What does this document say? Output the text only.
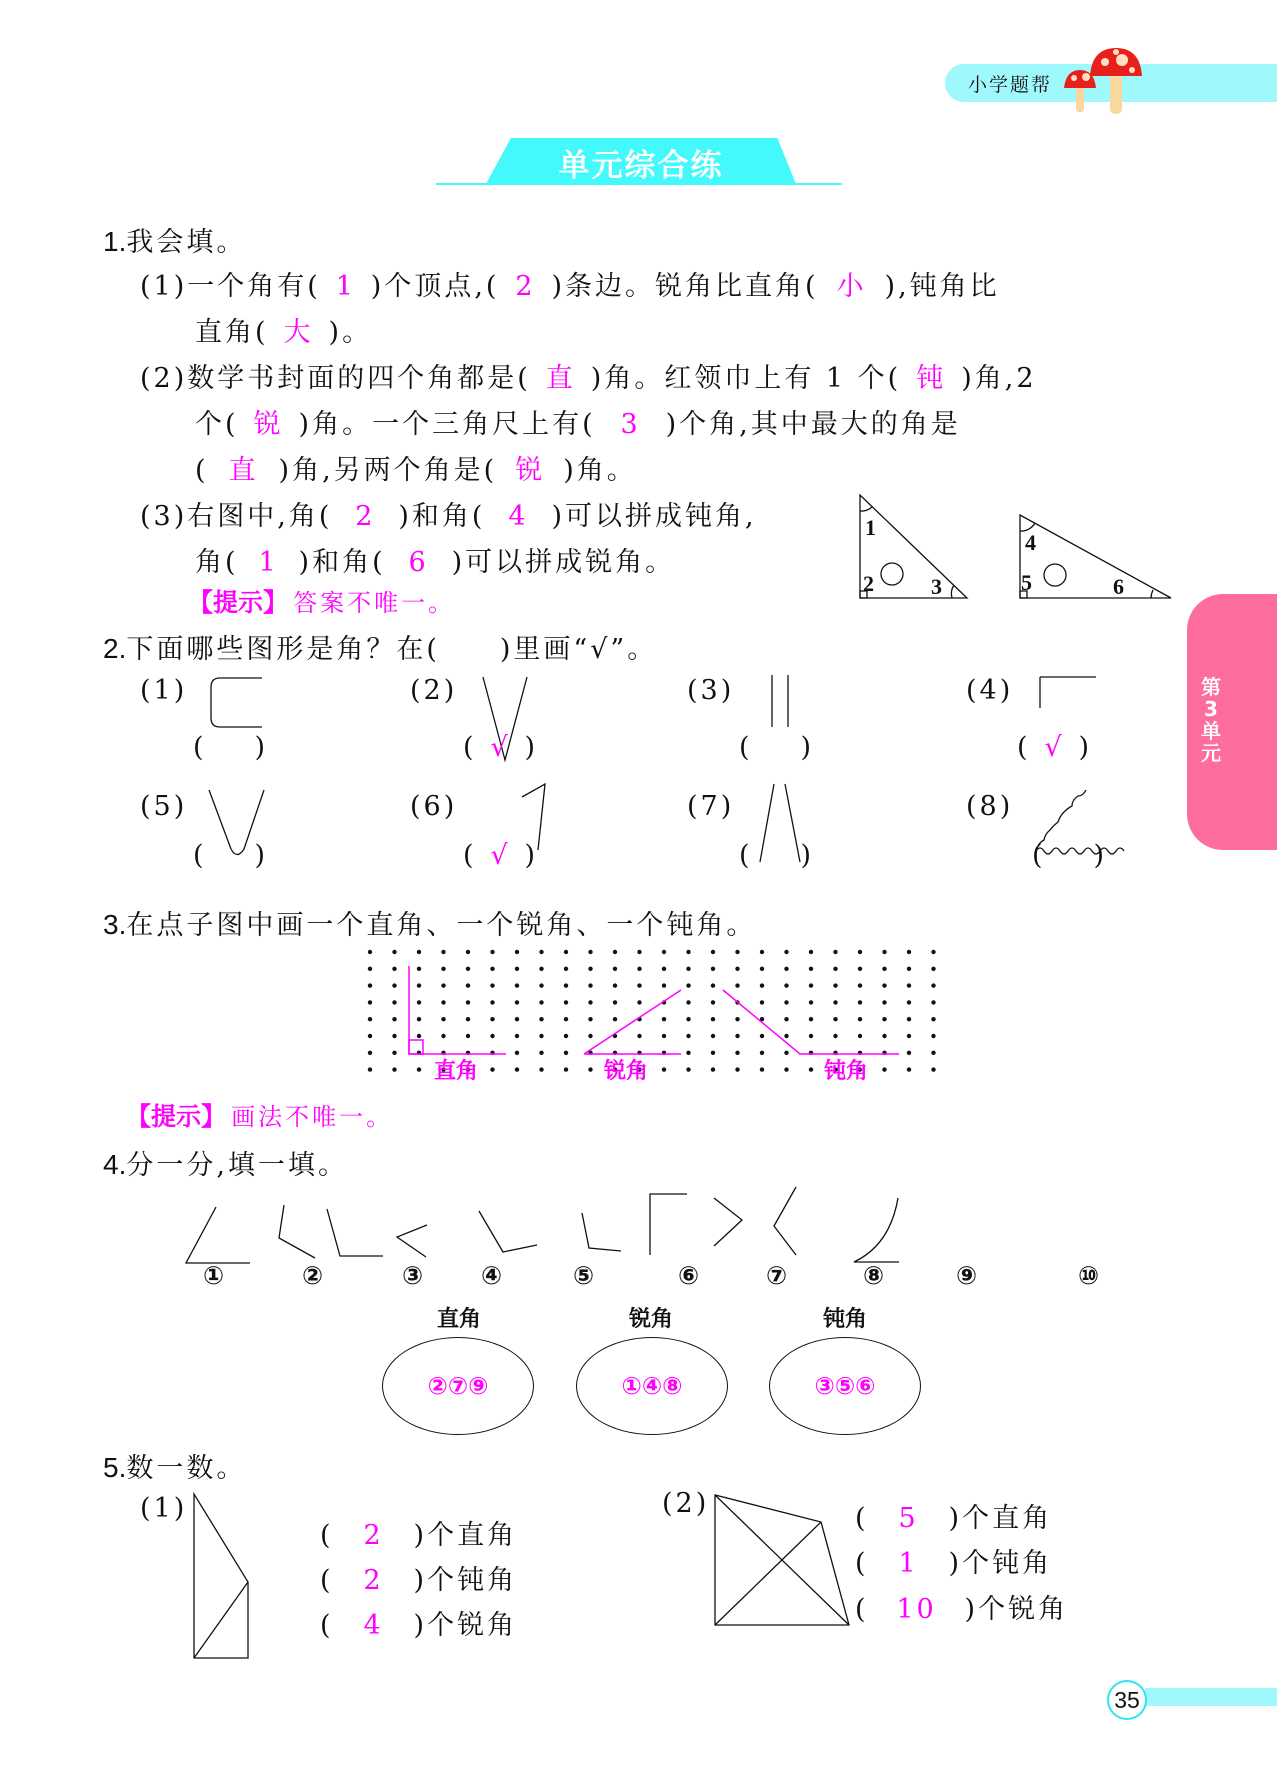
小学题帮
单元综合练
第
3
单
元
1.我会填。
(1)一个角有( 1 )个顶点,( 2 )条边。锐角比直角( 小 ),钝角比
直角( 大 )。
(2)数学书封面的四个角都是( 直 )角。红领巾上有 1 个( 钝 )角,2
个( 锐 )角。一个三角尺上有( 3 )个角,其中最大的角是
( 直 )角,另两个角是( 锐 )角。
(3)右图中,角( 2 )和角( 4 )可以拼成钝角,
角( 1 )和角( 6 )可以拼成锐角。
【提示】 答案不唯一。
1
2	3
4
5	6
2.下面哪些图形是角？在(　　)里画“√”。
(1)	(2)	(3)	(4)
(5)	(6)	(7)	(8)
( )	( √ )	( )	( √ )
( )	( √ )	( )	( )
3.在点子图中画一个直角、一个锐角、一个钝角。
直角	锐角	钝角
【提示】 画法不唯一。
4.分一分,填一填。
①	②	③ ④	⑤	⑥	⑦	⑧	⑨	⑩
直角	锐角	钝角
②⑦⑨	①④⑧	③⑤⑥
5.数一数。
(1)
( 2 )个直角
( 2 )个钝角
( 4 )个锐角
(2)	( 5 )个直角
( 1 )个钝角
( 10 )个锐角
35
